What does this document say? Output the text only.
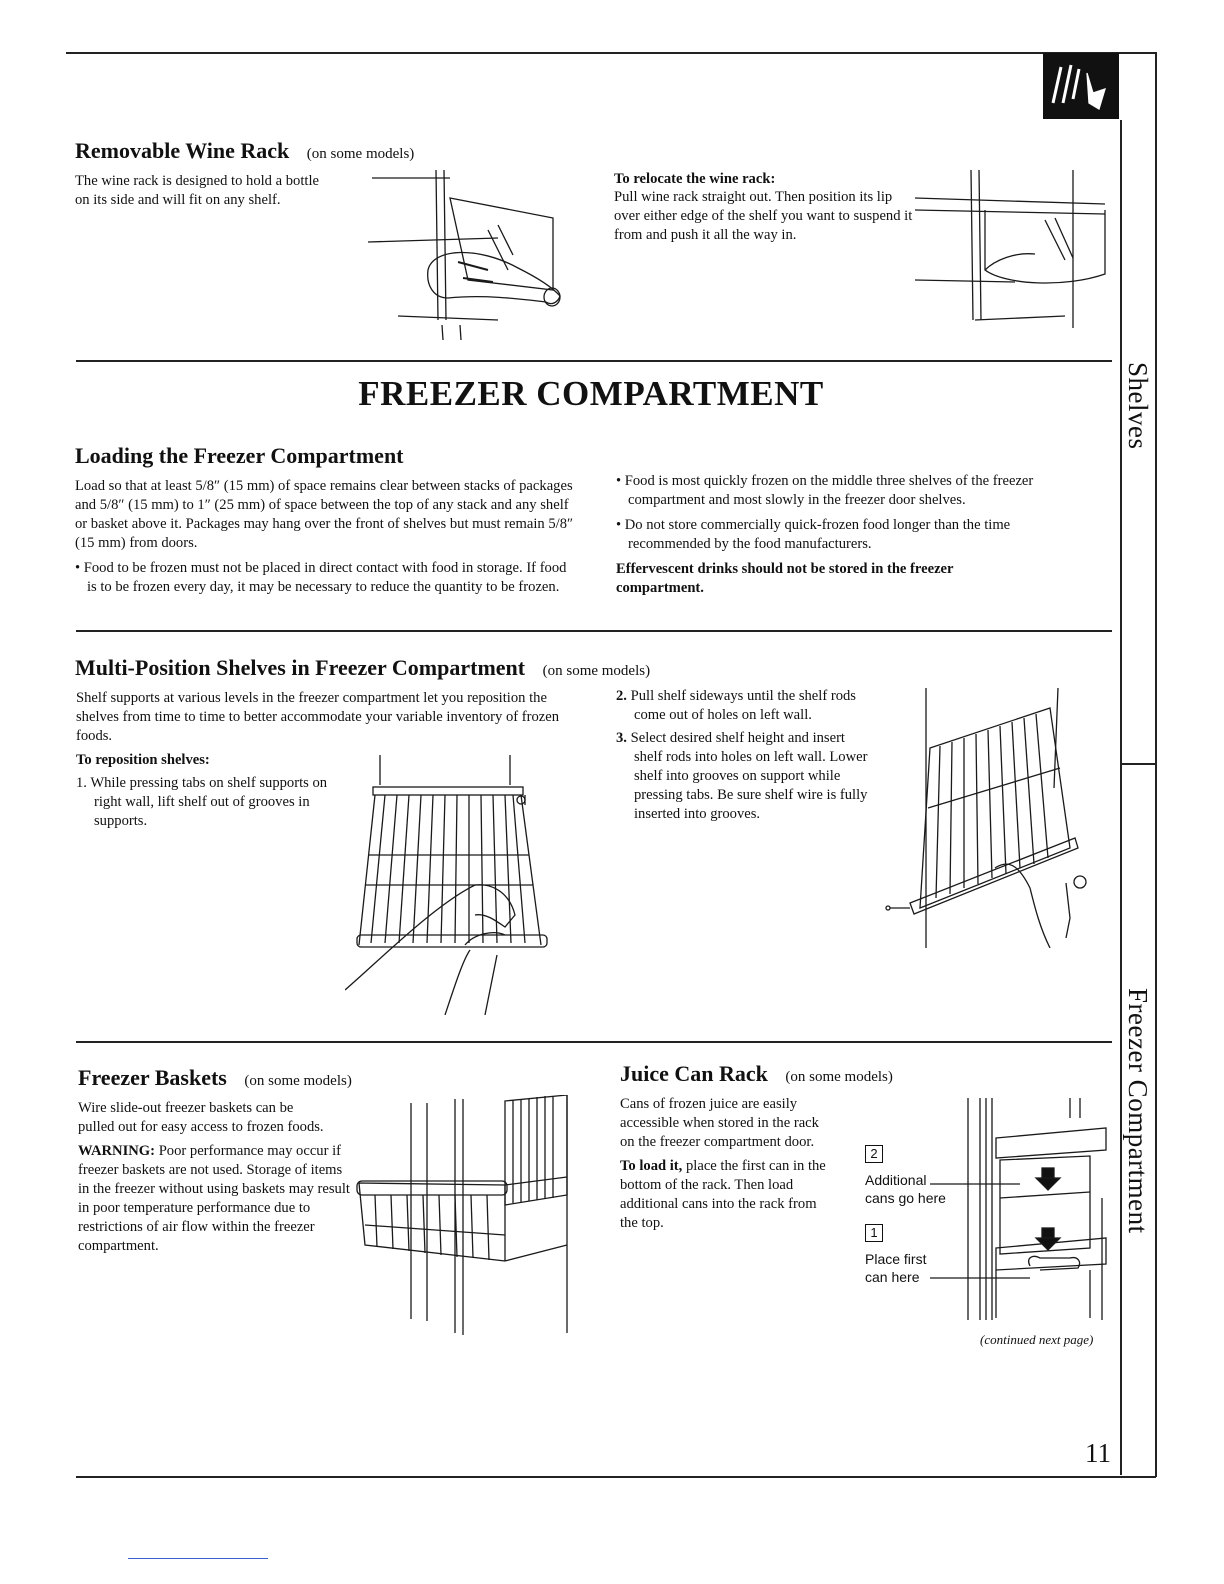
Shelves
Freezer Compartment
Removable Wine Rack (on some models)

The wine rack is designed to hold a bottle on its side and will fit on any shelf.

To relocate the wine rack:

Pull wine rack straight out. Then position its lip over either edge of the shelf you want to suspend it from and push it all the way in.

FREEZER COMPARTMENT
Loading the Freezer Compartment

Load so that at least 5/8″ (15 mm) of space remains clear between stacks of packages and 5/8″ (15 mm) to 1″ (25 mm) of space between the top of any stack and any shelf or basket above it. Packages may hang over the front of shelves but must remain 5/8″ (15 mm) from doors.

• Food to be frozen must not be placed in direct contact with food in storage. If food is to be frozen every day, it may be necessary to reduce the quantity to be frozen.

• Food is most quickly frozen on the middle three shelves of the freezer compartment and most slowly in the freezer door shelves.

• Do not store commercially quick-frozen food longer than the time recommended by the food manufacturers.

Effervescent drinks should not be stored in the freezer compartment.

Multi-Position Shelves in Freezer Compartment (on some models)

Shelf supports at various levels in the freezer compartment let you reposition the shelves from time to time to better accommodate your variable inventory of frozen foods.

To reposition shelves:

1. While pressing tabs on shelf supports on right wall, lift shelf out of grooves in supports.

2. Pull shelf sideways until the shelf rods come out of holes on left wall.

3. Select desired shelf height and insert shelf rods into holes on left wall. Lower shelf into grooves on support while pressing tabs. Be sure shelf wire is fully inserted into grooves.

Freezer Baskets (on some models)

Wire slide-out freezer baskets can be pulled out for easy access to frozen foods.

WARNING: Poor performance may occur if freezer baskets are not used. Storage of items in the freezer without using baskets may result in poor temperature performance due to restrictions of air flow within the freezer compartment.

Juice Can Rack (on some models)

Cans of frozen juice are easily accessible when stored in the rack on the freezer compartment door.

To load it, place the first can in the bottom of the rack. Then load additional cans into the rack from the top.

2
Additional
cans go here
1
Place first
can here

(continued next page)

11
